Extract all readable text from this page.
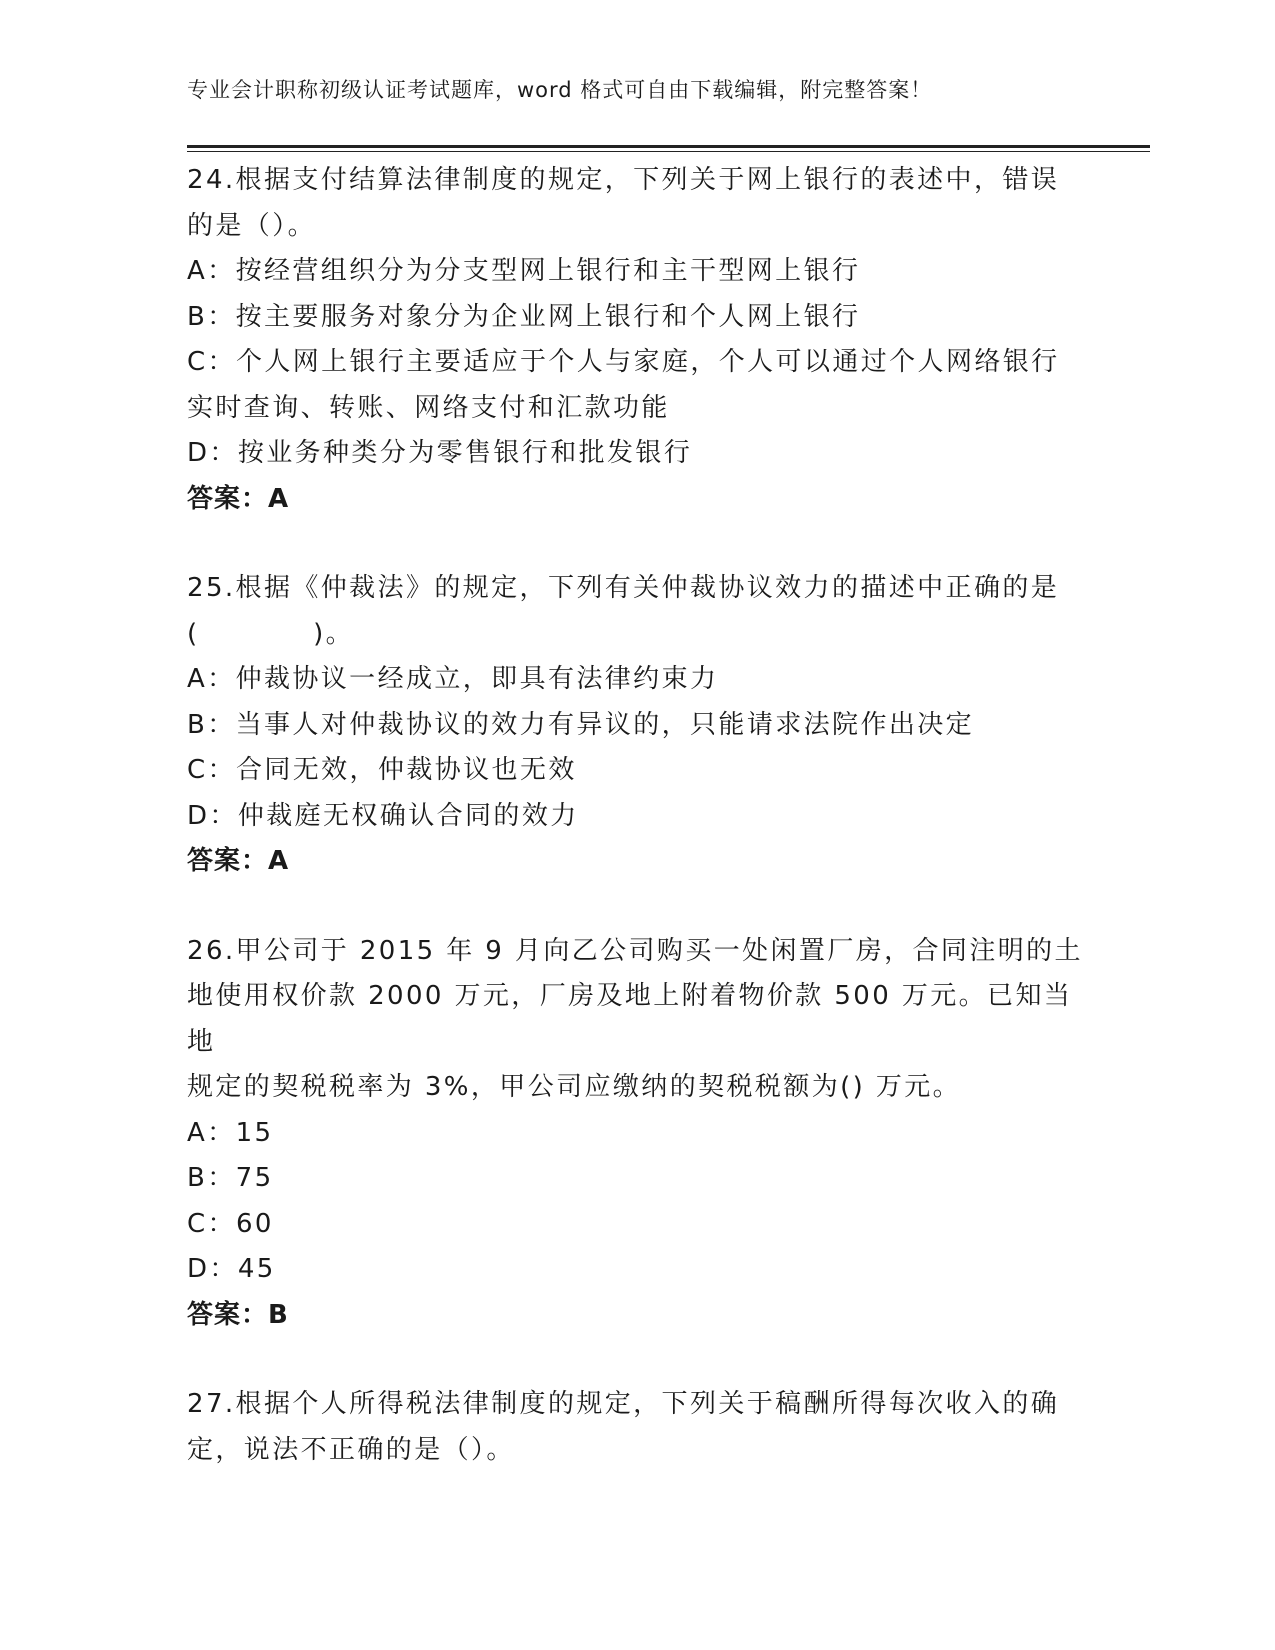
专业会计职称初级认证考试题库，word 格式可自由下载编辑，附完整答案！
24.根据支付结算法律制度的规定，下列关于网上银行的表述中，错误
的是（）。
A：按经营组织分为分支型网上银行和主干型网上银行
B：按主要服务对象分为企业网上银行和个人网上银行
C：个人网上银行主要适应于个人与家庭，个人可以通过个人网络银行
实时查询、转账、网络支付和汇款功能
D：按业务种类分为零售银行和批发银行
答案：A
25.根据《仲裁法》的规定，下列有关仲裁协议效力的描述中正确的是
(　　　　)。
A：仲裁协议一经成立，即具有法律约束力
B：当事人对仲裁协议的效力有异议的，只能请求法院作出决定
C：合同无效，仲裁协议也无效
D：仲裁庭无权确认合同的效力
答案：A
26.甲公司于 2015 年 9 月向乙公司购买一处闲置厂房，合同注明的土
地使用权价款 2000 万元，厂房及地上附着物价款 500 万元。已知当地
规定的契税税率为 3%，甲公司应缴纳的契税税额为() 万元。
A：15
B：75
C：60
D：45
答案：B
27.根据个人所得税法律制度的规定，下列关于稿酬所得每次收入的确
定，说法不正确的是（）。
